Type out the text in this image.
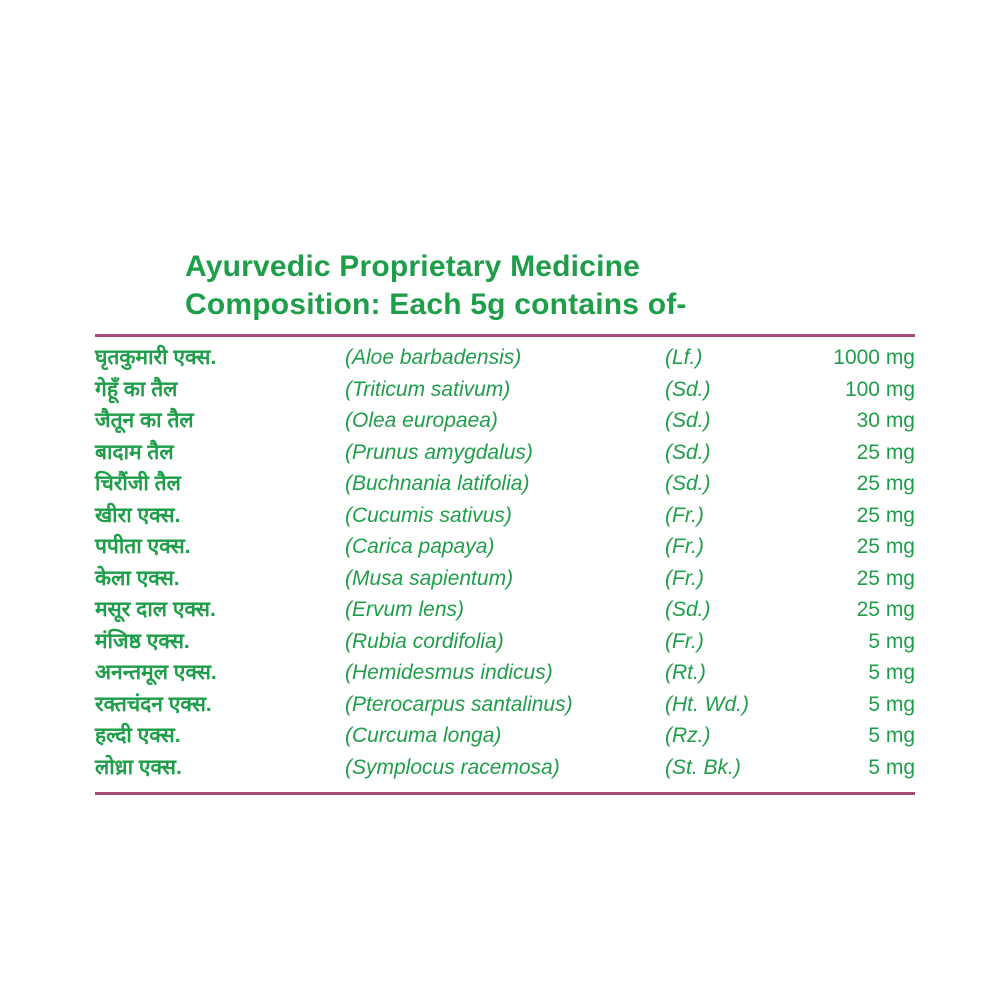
Ayurvedic Proprietary Medicine
Composition: Each 5g contains of-
घृतकुमारी एक्स.	(Aloe barbadensis)	(Lf.)	1000 mg
गेहूँ का तैल	(Triticum sativum)	(Sd.)	100 mg
जैतून का तैल	(Olea europaea)	(Sd.)	30 mg
बादाम तैल	(Prunus amygdalus)	(Sd.)	25 mg
चिरौंजी तैल	(Buchnania latifolia)	(Sd.)	25 mg
खीरा एक्स.	(Cucumis sativus)	(Fr.)	25 mg
पपीता एक्स.	(Carica papaya)	(Fr.)	25 mg
केला एक्स.	(Musa sapientum)	(Fr.)	25 mg
मसूर दाल एक्स.	(Ervum lens)	(Sd.)	25 mg
मंजिष्ठ एक्स.	(Rubia cordifolia)	(Fr.)	5 mg
अनन्तमूल एक्स.	(Hemidesmus indicus)	(Rt.)	5 mg
रक्तचंदन एक्स.	(Pterocarpus santalinus)	(Ht. Wd.)	5 mg
हल्दी एक्स.	(Curcuma longa)	(Rz.)	5 mg
लोध्रा एक्स.	(Symplocus racemosa)	(St. Bk.)	5 mg
